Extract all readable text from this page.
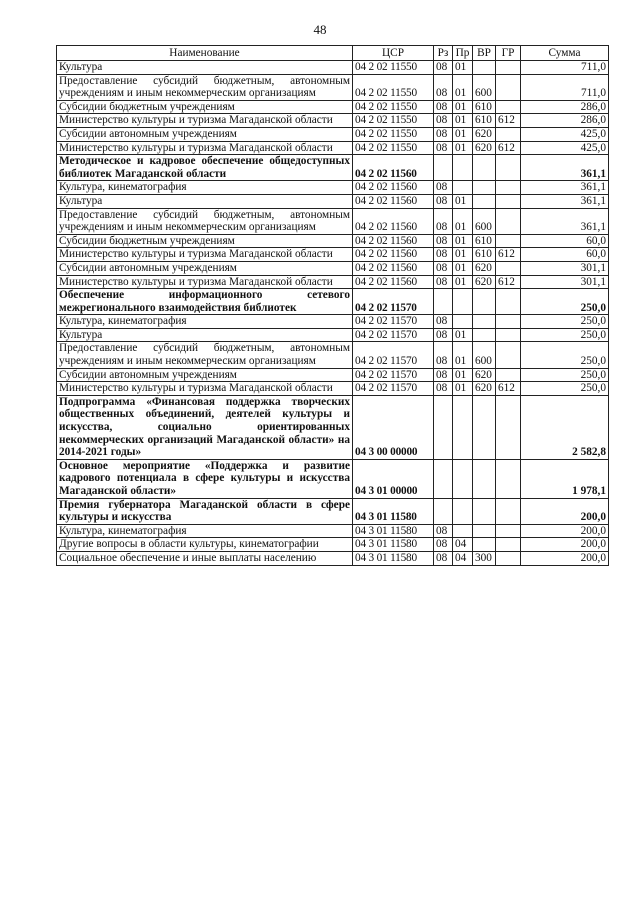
48
Наименование	ЦСР	Рз	Пр	ВР	ГР	Сумма
Культура	04 2 02 11550	08	01			711,0
Предоставление субсидий бюджетным, автономным учреждениям и иным некоммерческим организациям	04 2 02 11550	08	01	600		711,0
Субсидии бюджетным учреждениям	04 2 02 11550	08	01	610		286,0
Министерство культуры и туризма Магаданской области	04 2 02 11550	08	01	610	612	286,0
Субсидии автономным учреждениям	04 2 02 11550	08	01	620		425,0
Министерство культуры и туризма Магаданской области	04 2 02 11550	08	01	620	612	425,0
Методическое и кадровое обеспечение общедоступных библиотек Магаданской области	04 2 02 11560					361,1
Культура, кинематография	04 2 02 11560	08				361,1
Культура	04 2 02 11560	08	01			361,1
Предоставление субсидий бюджетным, автономным учреждениям и иным некоммерческим организациям	04 2 02 11560	08	01	600		361,1
Субсидии бюджетным учреждениям	04 2 02 11560	08	01	610		60,0
Министерство культуры и туризма Магаданской области	04 2 02 11560	08	01	610	612	60,0
Субсидии автономным учреждениям	04 2 02 11560	08	01	620		301,1
Министерство культуры и туризма Магаданской области	04 2 02 11560	08	01	620	612	301,1
Обеспечение информационного сетевого межрегионального взаимодействия библиотек	04 2 02 11570					250,0
Культура, кинематография	04 2 02 11570	08				250,0
Культура	04 2 02 11570	08	01			250,0
Предоставление субсидий бюджетным, автономным учреждениям и иным некоммерческим организациям	04 2 02 11570	08	01	600		250,0
Субсидии автономным учреждениям	04 2 02 11570	08	01	620		250,0
Министерство культуры и туризма Магаданской области	04 2 02 11570	08	01	620	612	250,0
Подпрограмма «Финансовая поддержка творческих общественных объединений, деятелей культуры и искусства, социально ориентированных некоммерческих организаций Магаданской области» на 2014-2021 годы»	04 3 00 00000					2 582,8
Основное мероприятие «Поддержка и развитие кадрового потенциала в сфере культуры и искусства Магаданской области»	04 3 01 00000					1 978,1
Премия губернатора Магаданской области в сфере культуры и искусства	04 3 01 11580					200,0
Культура, кинематография	04 3 01 11580	08				200,0
Другие вопросы в области культуры, кинематографии	04 3 01 11580	08	04			200,0
Социальное обеспечение и иные выплаты населению	04 3 01 11580	08	04	300		200,0
